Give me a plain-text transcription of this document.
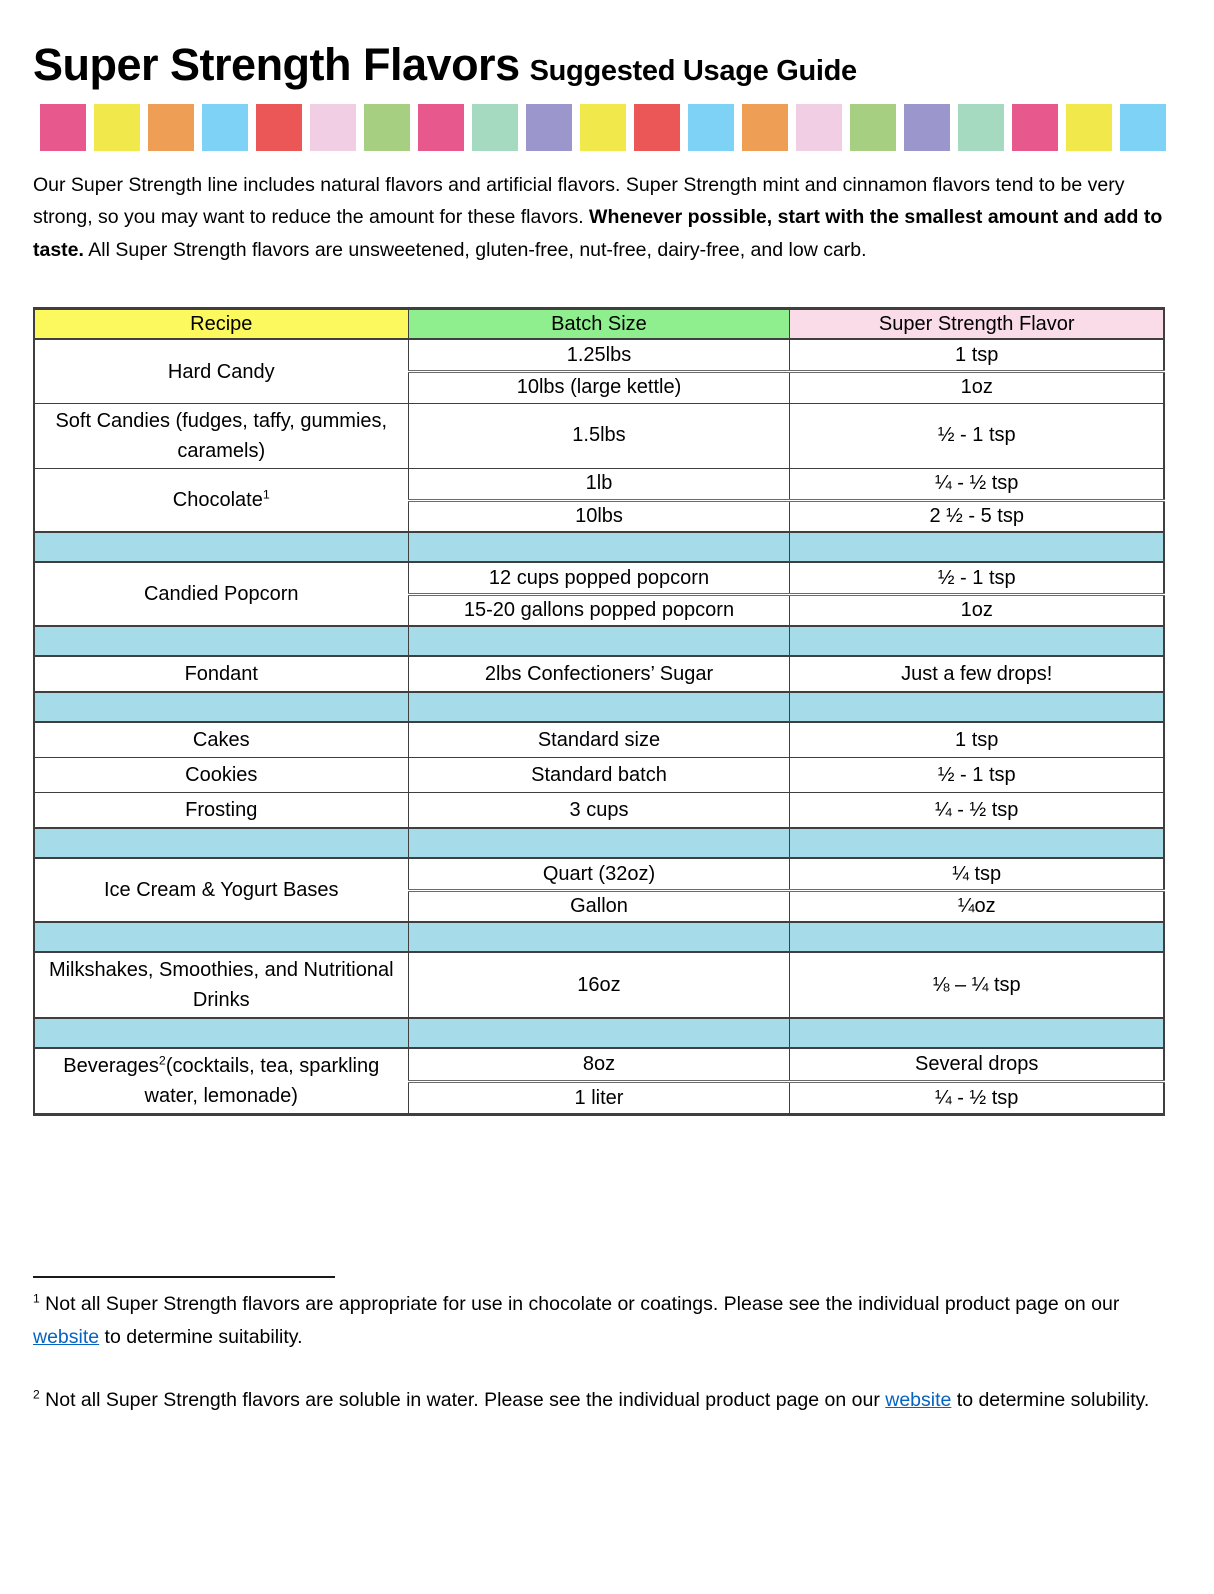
Super Strength Flavors Suggested Usage Guide

Our Super Strength line includes natural flavors and artificial flavors. Super Strength mint and cinnamon flavors tend to be very strong, so you may want to reduce the amount for these flavors. Whenever possible, start with the smallest amount and add to taste. All Super Strength flavors are unsweetened, gluten-free, nut-free, dairy-free, and low carb.

Recipe	Batch Size	Super Strength Flavor
Hard Candy	1.25lbs	1 tsp
	10lbs (large kettle)	1oz
Soft Candies (fudges, taffy, gummies, caramels)	1.5lbs	½ - 1 tsp
Chocolate$^1$	1lb	¼ - ½ tsp
	10lbs	2 ½ - 5 tsp

Candied Popcorn	12 cups popped popcorn	½ - 1 tsp
	15-20 gallons popped popcorn	1oz

Fondant	2lbs Confectioners’ Sugar	Just a few drops!

Cakes	Standard size	1 tsp
Cookies	Standard batch	½ - 1 tsp
Frosting	3 cups	¼ - ½ tsp

Ice Cream & Yogurt Bases	Quart (32oz)	¼ tsp
	Gallon	¼oz

Milkshakes, Smoothies, and Nutritional Drinks	16oz	⅛ – ¼ tsp

Beverages$^2$(cocktails, tea, sparkling water, lemonade)	8oz	Several drops
	1 liter	¼ - ½ tsp

$^1$ Not all Super Strength flavors are appropriate for use in chocolate or coatings. Please see the individual product page on our website to determine suitability.

$^2$ Not all Super Strength flavors are soluble in water. Please see the individual product page on our website to determine solubility.
